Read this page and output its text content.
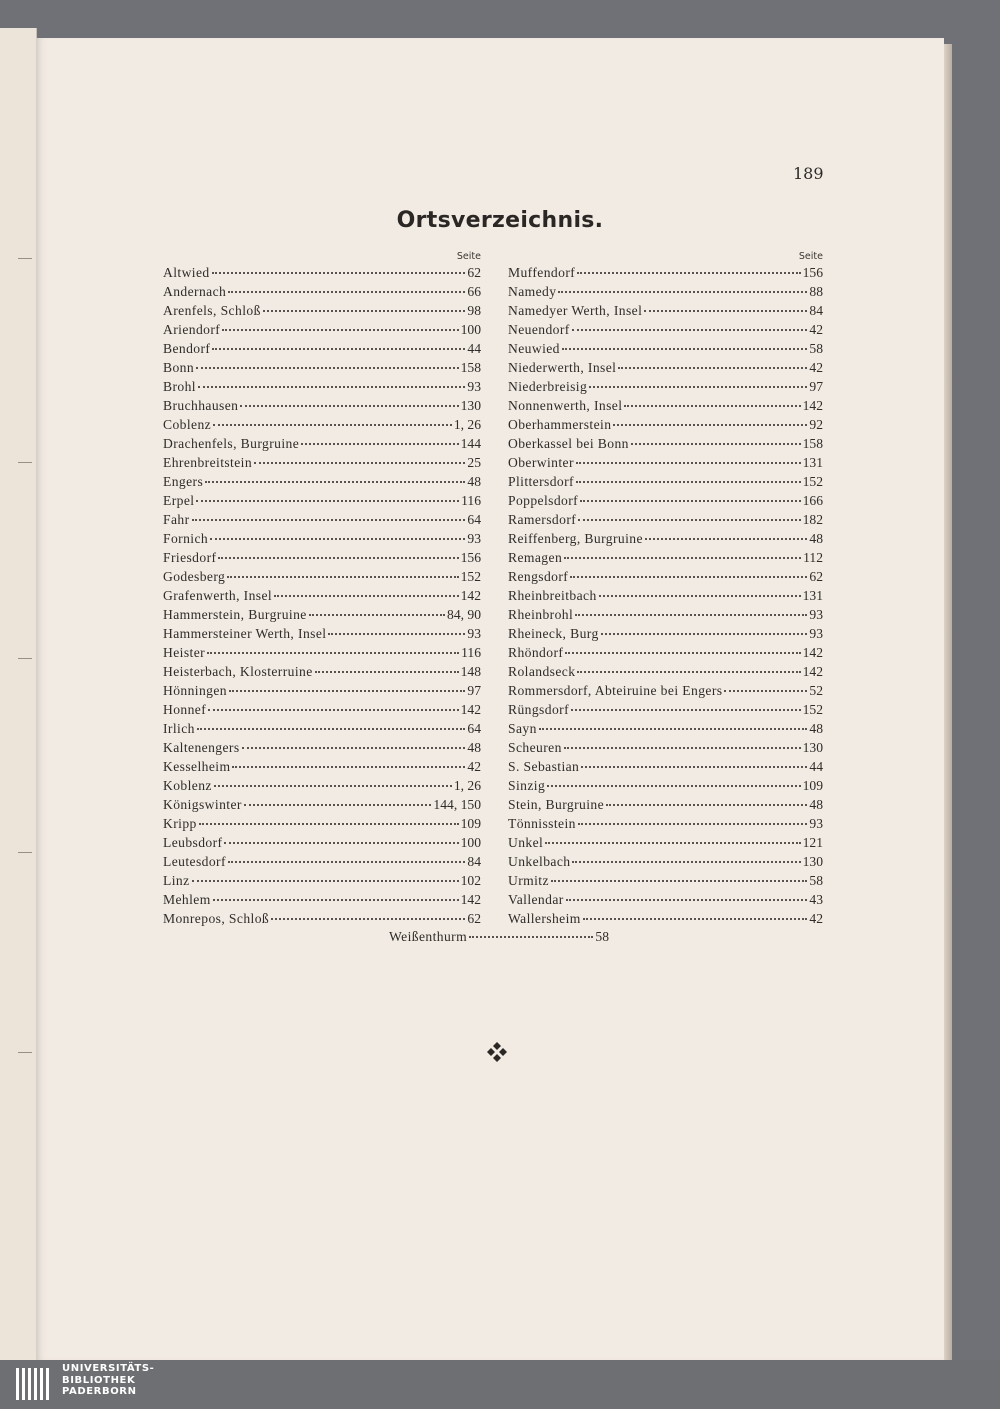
189
Ortsverzeichnis.
Seite
Altwied	62
Andernach	66
Arenfels, Schloß	98
Ariendorf	100
Bendorf	44
Bonn	158
Brohl	93
Bruchhausen	130
Coblenz	1, 26
Drachenfels, Burgruine	144
Ehrenbreitstein	25
Engers	48
Erpel	116
Fahr	64
Fornich	93
Friesdorf	156
Godesberg	152
Grafenwerth, Insel	142
Hammerstein, Burgruine	84, 90
Hammersteiner Werth, Insel	93
Heister	116
Heisterbach, Klosterruine	148
Hönningen	97
Honnef	142
Irlich	64
Kaltenengers	48
Kesselheim	42
Koblenz	1, 26
Königswinter	144, 150
Kripp	109
Leubsdorf	100
Leutesdorf	84
Linz	102
Mehlem	142
Monrepos, Schloß	62
Seite
Muffendorf	156
Namedy	88
Namedyer Werth, Insel	84
Neuendorf	42
Neuwied	58
Niederwerth, Insel	42
Niederbreisig	97
Nonnenwerth, Insel	142
Oberhammerstein	92
Oberkassel bei Bonn	158
Oberwinter	131
Plittersdorf	152
Poppelsdorf	166
Ramersdorf	182
Reiffenberg, Burgruine	48
Remagen	112
Rengsdorf	62
Rheinbreitbach	131
Rheinbrohl	93
Rheineck, Burg	93
Rhöndorf	142
Rolandseck	142
Rommersdorf, Abteiruine bei Engers	52
Rüngsdorf	152
Sayn	48
Scheuren	130
S. Sebastian	44
Sinzig	109
Stein, Burgruine	48
Tönnisstein	93
Unkel	121
Unkelbach	130
Urmitz	58
Vallendar	43
Wallersheim	42
Weißenthurm	58
UNIVERSITÄTS-
BIBLIOTHEK
PADERBORN
